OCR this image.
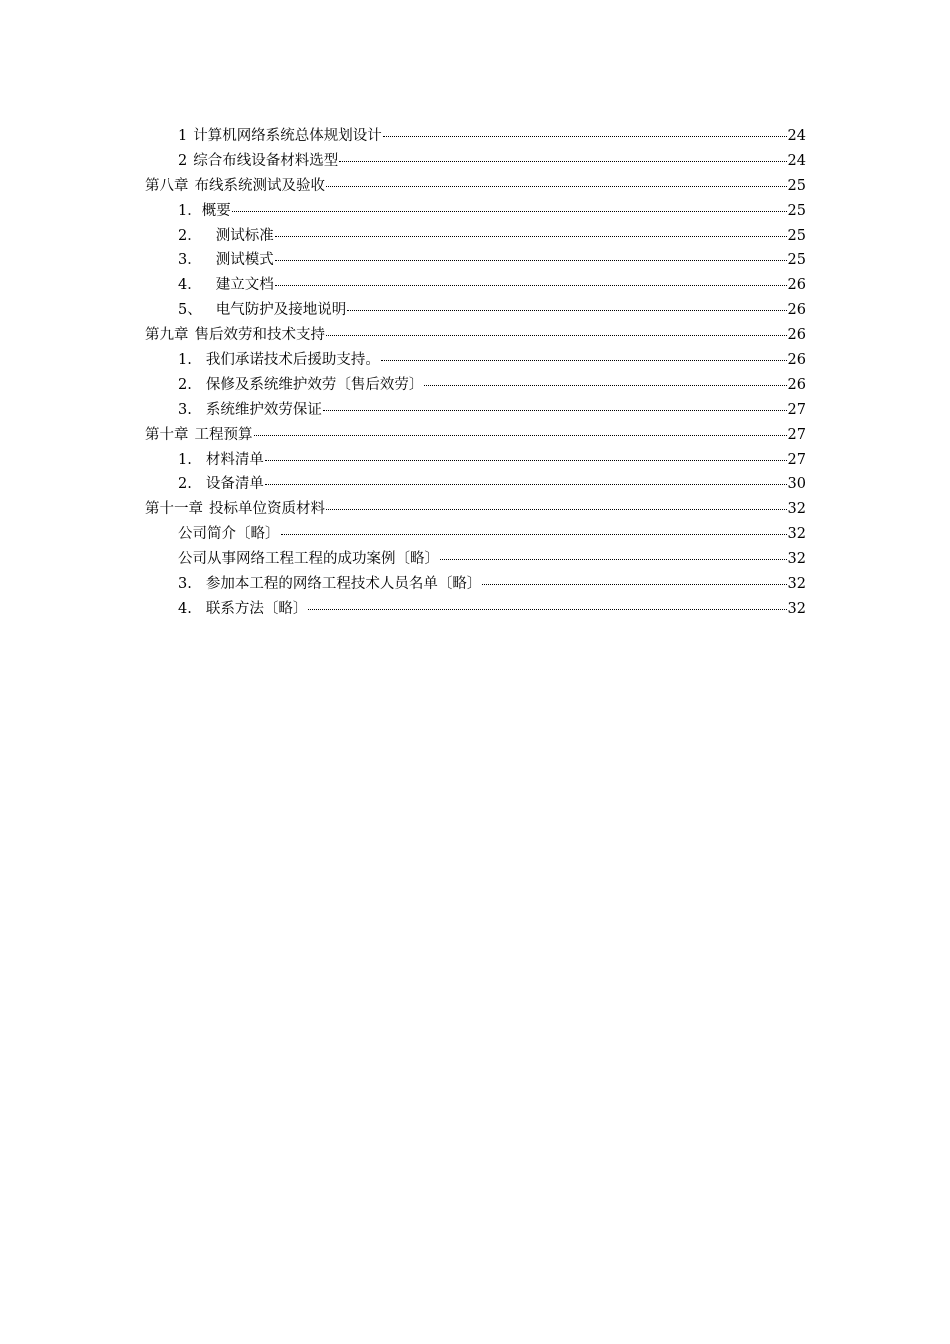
1 计算机网络系统总体规划设计	24
2 综合布线设备材料选型	24
第八章 布线系统测试及验收	25
1．概要	25
2． 测试标准	25
3． 测试模式	25
4． 建立文档	26
5、 电气防护及接地说明	26
第九章 售后效劳和技术支持	26
1. 我们承诺技术后援助支持。	26
2. 保修及系统维护效劳〔售后效劳〕	26
3. 系统维护效劳保证	27
第十章 工程预算	27
1. 材料清单	27
2. 设备清单	30
第十一章 投标单位资质材料	32
公司简介〔略〕	32
公司从事网络工程工程的成功案例〔略〕	32
3. 参加本工程的网络工程技术人员名单〔略〕	32
4. 联系方法〔略〕	32
